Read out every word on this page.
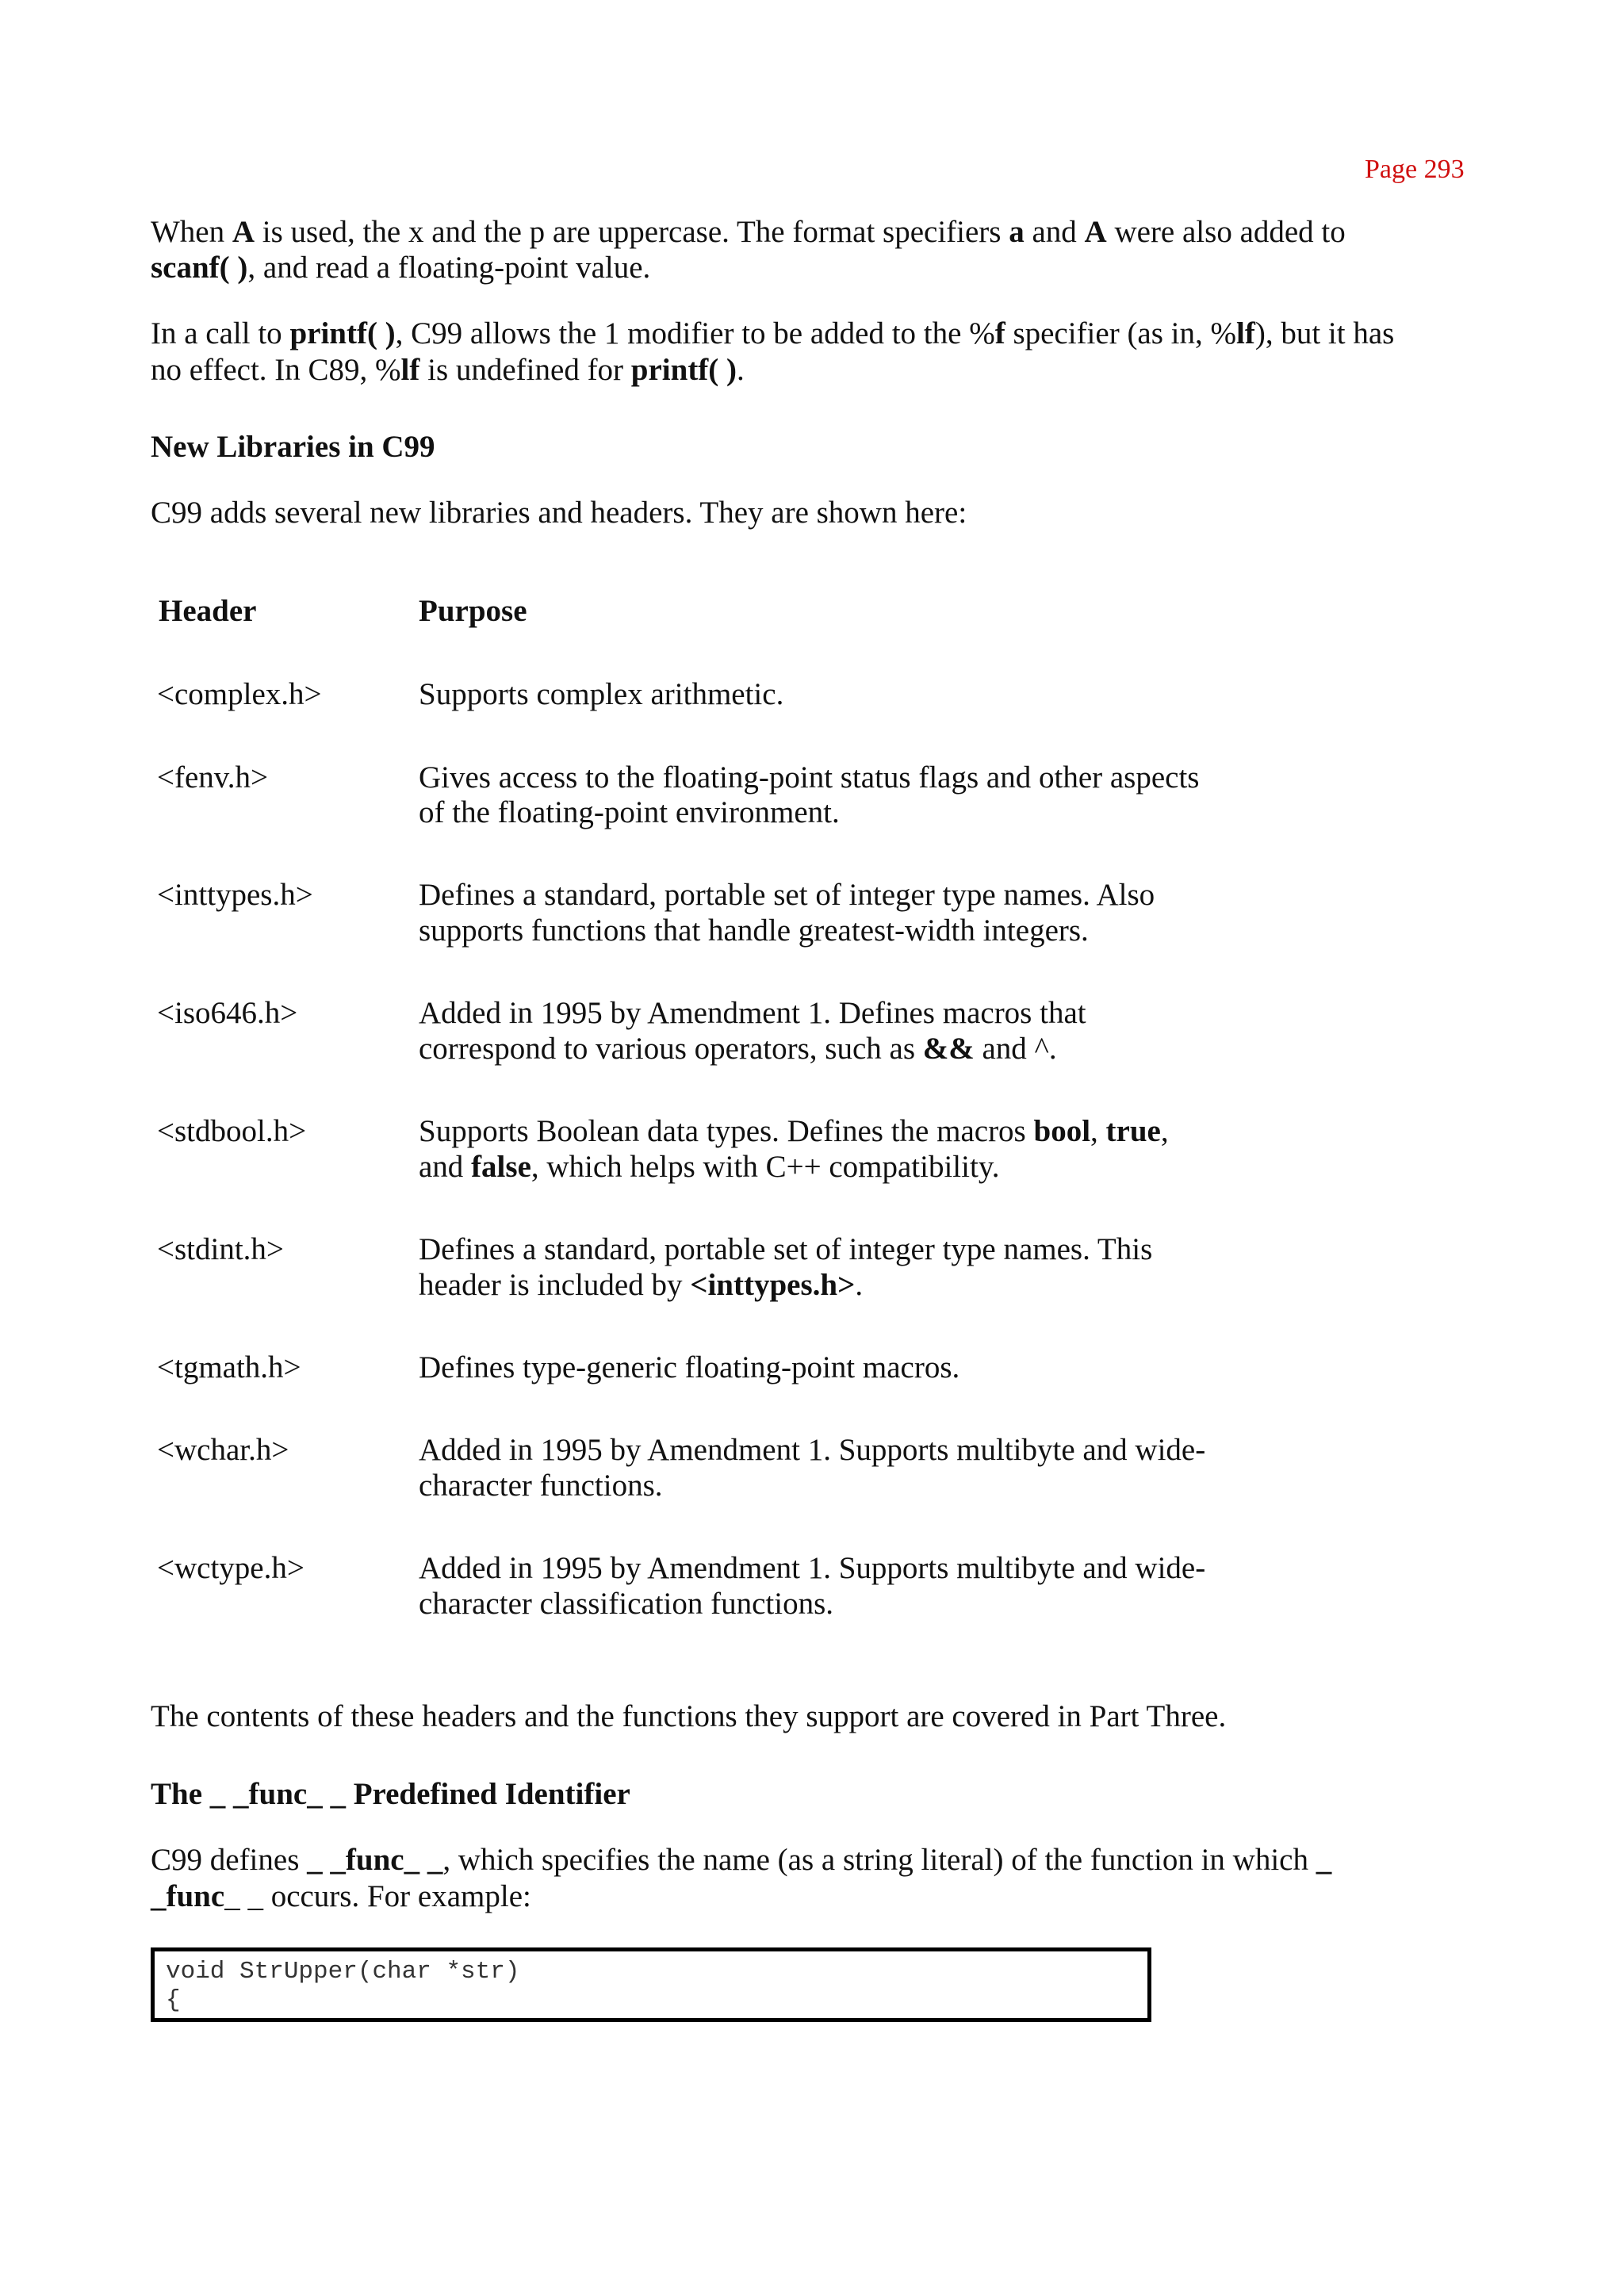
Page 293

When A is used, the x and the p are uppercase. The format specifiers a and A were also added to

scanf( ), and read a floating-point value.

In a call to printf( ), C99 allows the 1 modifier to be added to the %f specifier (as in, %lf), but it has

no effect. In C89, %lf is undefined for printf( ).

New Libraries in C99

C99 adds several new libraries and headers. They are shown here:

Header	Purpose
<complex.h>	Supports complex arithmetic.
<fenv.h>	Gives access to the floating-point status flags and other aspects
of the floating-point environment.
<inttypes.h>	Defines a standard, portable set of integer type names. Also
supports functions that handle greatest-width integers.
<iso646.h>	Added in 1995 by Amendment 1. Defines macros that
correspond to various operators, such as && and ^.
<stdbool.h>	Supports Boolean data types. Defines the macros bool, true,
and false, which helps with C++ compatibility.
<stdint.h>	Defines a standard, portable set of integer type names. This
header is included by <inttypes.h>.
<tgmath.h>	Defines type-generic floating-point macros.
<wchar.h>	Added in 1995 by Amendment 1. Supports multibyte and wide-
character functions.
<wctype.h>	Added in 1995 by Amendment 1. Supports multibyte and wide-
character classification functions.

The contents of these headers and the functions they support are covered in Part Three.

The _ _func_ _ Predefined Identifier

C99 defines _ _func_ _, which specifies the name (as a string literal) of the function in which _

_func_ _ occurs. For example:

void StrUpper(char *str)
{
